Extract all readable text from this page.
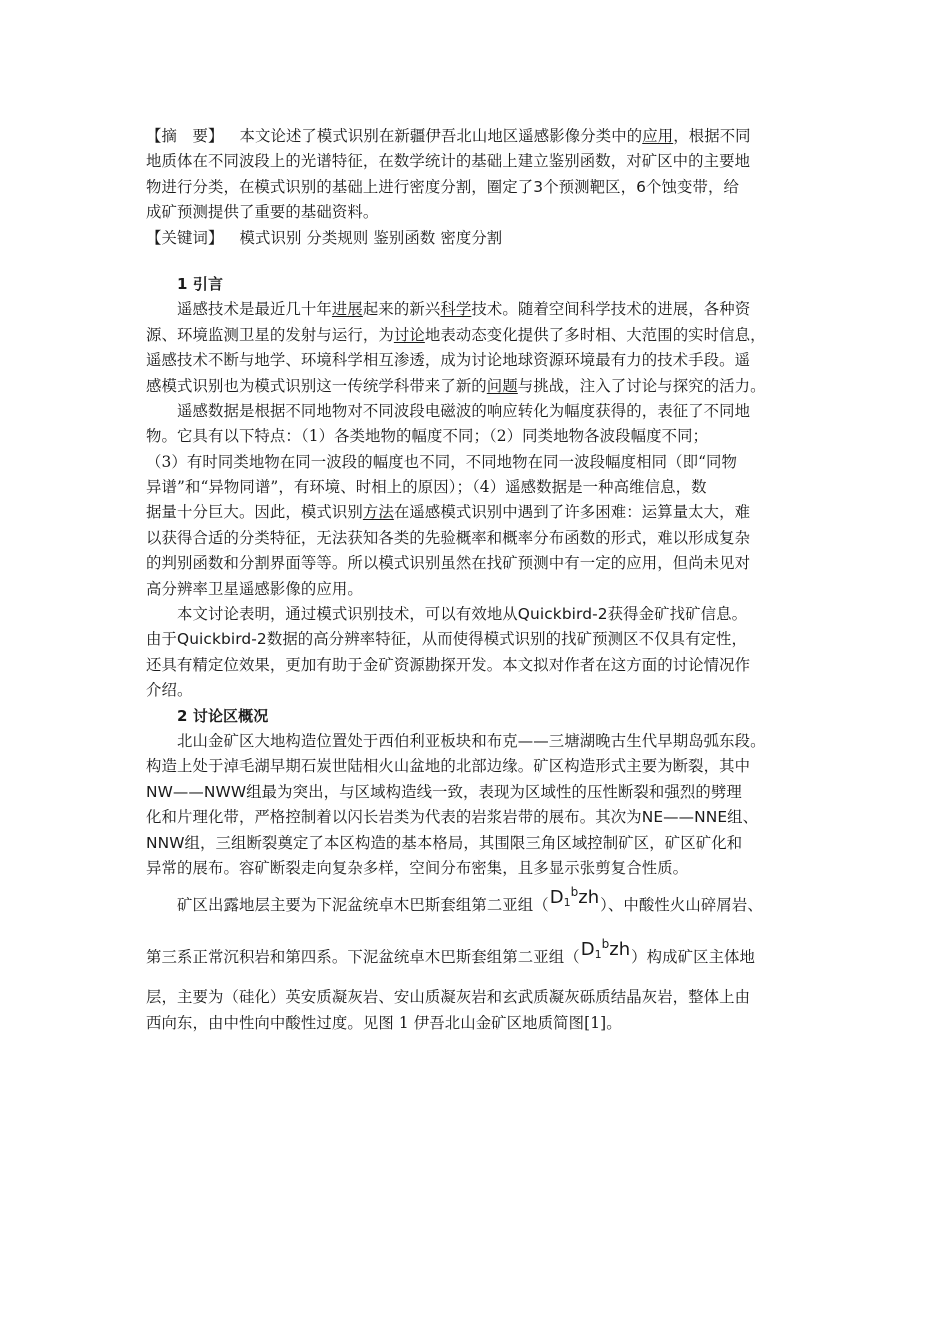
【摘　要】 本文论述了模式识别在新疆伊吾北山地区遥感影像分类中的应用，根据不同
地质体在不同波段上的光谱特征，在数学统计的基础上建立鉴别函数，对矿区中的主要地
物进行分类，在模式识别的基础上进行密度分割，圈定了3个预测靶区，6个蚀变带，给
成矿预测提供了重要的基础资料。
【关键词】 模式识别 分类规则 鉴别函数 密度分割
1 引言
遥感技术是最近几十年进展起来的新兴科学技术。随着空间科学技术的进展，各种资
源、环境监测卫星的发射与运行，为讨论地表动态变化提供了多时相、大范围的实时信息，
遥感技术不断与地学、环境科学相互渗透，成为讨论地球资源环境最有力的技术手段。遥
感模式识别也为模式识别这一传统学科带来了新的问题与挑战，注入了讨论与探究的活力。
遥感数据是根据不同地物对不同波段电磁波的响应转化为幅度获得的，表征了不同地
物。它具有以下特点：（1）各类地物的幅度不同；（2）同类地物各波段幅度不同；
（3）有时同类地物在同一波段的幅度也不同，不同地物在同一波段幅度相同（即“同物
异谱”和“异物同谱”，有环境、时相上的原因）；（4）遥感数据是一种高维信息，数
据量十分巨大。因此，模式识别方法在遥感模式识别中遇到了许多困难：运算量太大，难
以获得合适的分类特征，无法获知各类的先验概率和概率分布函数的形式，难以形成复杂
的判别函数和分割界面等等。所以模式识别虽然在找矿预测中有一定的应用，但尚未见对
高分辨率卫星遥感影像的应用。
本文讨论表明，通过模式识别技术，可以有效地从Quickbird-2获得金矿找矿信息。
由于Quickbird-2数据的高分辨率特征，从而使得模式识别的找矿预测区不仅具有定性，
还具有精定位效果，更加有助于金矿资源勘探开发。本文拟对作者在这方面的讨论情况作
介绍。
2 讨论区概况
北山金矿区大地构造位置处于西伯利亚板块和布克——三塘湖晚古生代早期岛弧东段。
构造上处于淖毛湖早期石炭世陆相火山盆地的北部边缘。矿区构造形式主要为断裂，其中
NW——NWW组最为突出，与区域构造线一致，表现为区域性的压性断裂和强烈的劈理
化和片理化带，严格控制着以闪长岩类为代表的岩浆岩带的展布。其次为NE——NNE组、
NNW组，三组断裂奠定了本区构造的基本格局，其围限三角区域控制矿区，矿区矿化和
异常的展布。容矿断裂走向复杂多样，空间分布密集，且多显示张剪复合性质。
矿区出露地层主要为下泥盆统卓木巴斯套组第二亚组$(D_1^bzh)$、中酸性火山碎屑岩、
第三系正常沉积岩和第四系。下泥盆统卓木巴斯套组第二亚组$(D_1^bzh)$构成矿区主体地
层，主要为（硅化）英安质凝灰岩、安山质凝灰岩和玄武质凝灰砾质结晶灰岩，整体上由
西向东，由中性向中酸性过度。见图 1 伊吾北山金矿区地质简图[1]。
